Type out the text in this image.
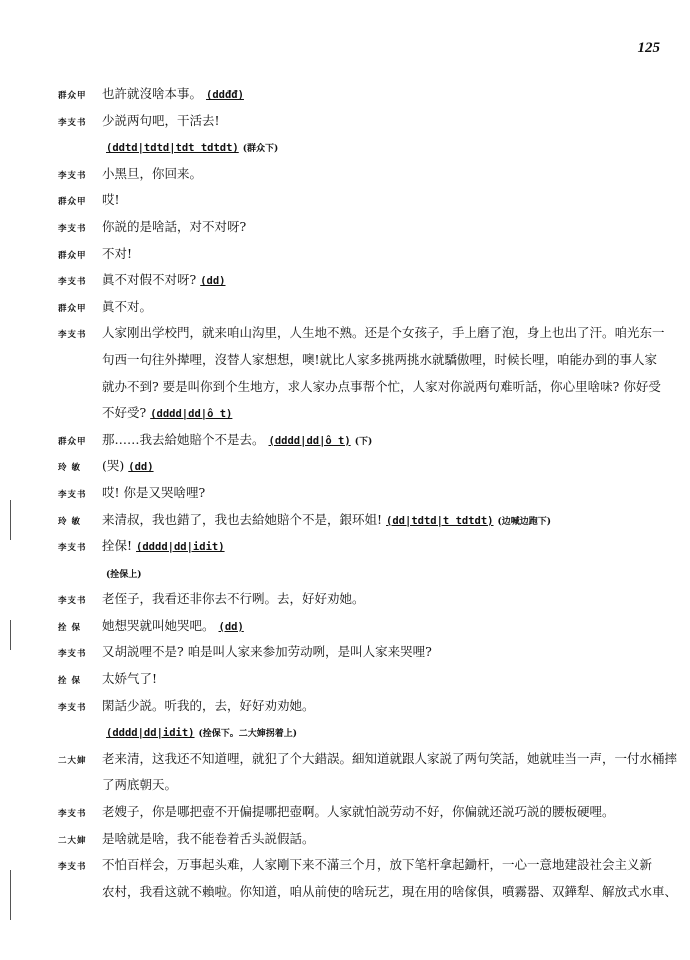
125
群众甲	也許就沒啥本事。 (ddđđ)
李支书	少説两句吧，干活去!
(ddtd|tdtd|tdt tdtdt) (群众下)
李支书	小黑旦，你回来。
群众甲	哎!
李支书	你説的是啥話，对不对呀?
群众甲	不对!
李支书	眞不对假不对呀? (dd)
群众甲	眞不对。
李支书	人家刚出学校門，就来咱山沟里，人生地不熟。还是个女孩子，手上磨了泡，身上也出了汗。咱光东一
句西一句往外撵哩，沒替人家想想，噢!就比人家多挑两挑水就驕傲哩，时候长哩，咱能办到的事人家
就办不到? 要是叫你到个生地方，求人家办点事帮个忙，人家对你説两句难听話，你心里啥味? 你好受
不好受? (dddd|dd|ô t)
群众甲	那……我去給她賠个不是去。 (dddd|dd|ô t) (下)
玲 敏	(哭) (dd)
李支书	哎! 你是又哭啥哩?
玲 敏	来清叔，我也錯了，我也去給她賠个不是，銀环姐! (dd|tdtd|t tdtdt) (边喊边跑下)
李支书	拴保! (dddd|dd|idit)
(拴保上)
李支书	老侄子，我看还非你去不行咧。去，好好劝她。
拴 保	她想哭就叫她哭吧。 (dd)
李支书	又胡説哩不是? 咱是叫人家来参加劳动咧，是叫人家来哭哩?
拴 保	太娇气了!
李支书	閑話少説。听我的，去，好好劝劝她。
(dddd|dd|idit) (拴保下。二大婶拐着上)
二大婶	老来清，这我还不知道哩，就犯了个大錯誤。細知道就跟人家説了两句笑話，她就哇当一声，一付水桶摔
了两底朝天。
李支书	老嫂子，你是哪把壺不开偏提哪把壺啊。人家就怕説劳动不好，你偏就还説巧説的腰板硬哩。
二大婶	是啥就是啥，我不能卷着舌头説假話。
李支书	不怕百样会，万事起头难，人家剛下来不滿三个月，放下笔杆拿起鋤杆，一心一意地建設社会主义新
农村，我看这就不賴啦。你知道，咱从前使的啥玩艺，現在用的啥傢俱，噴霧器、双鏵犁、解放式水車、
